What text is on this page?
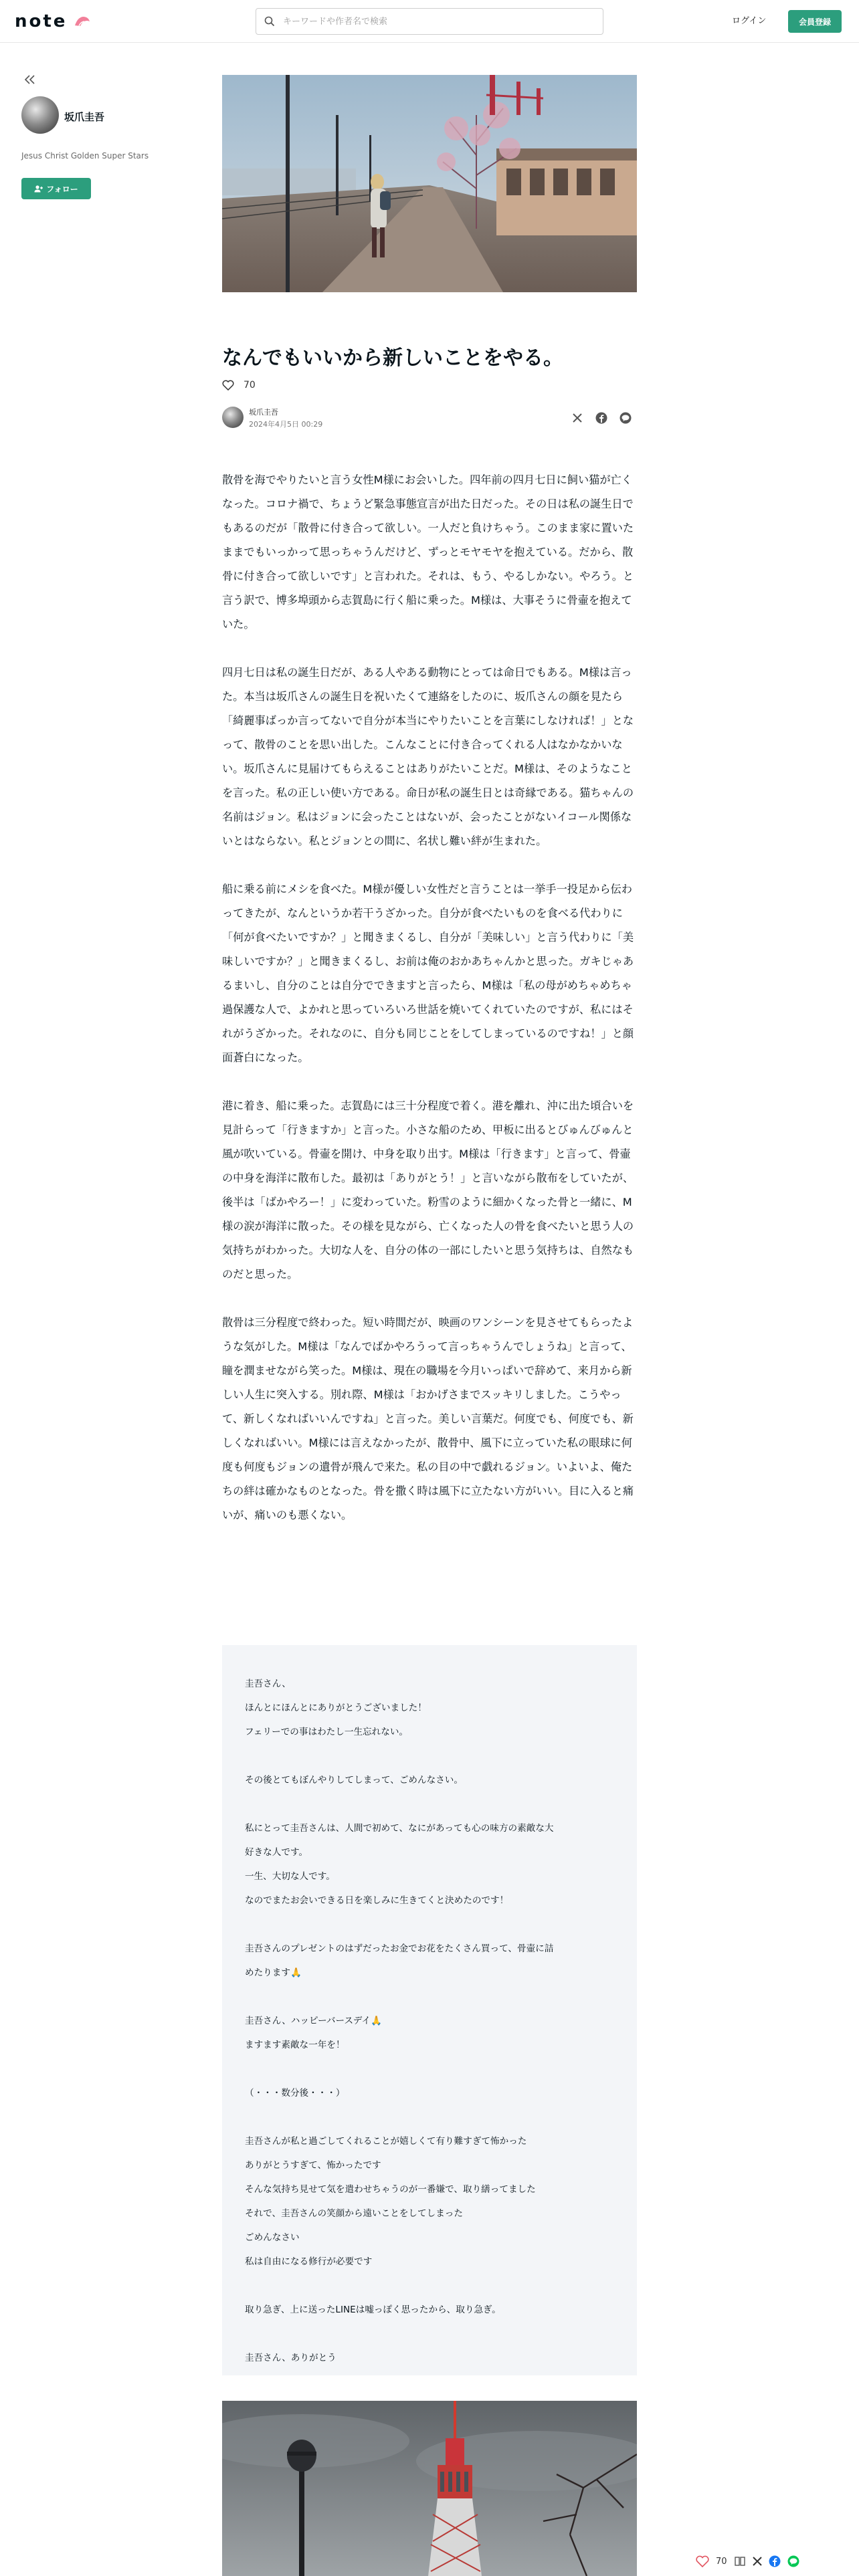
note
キーワードや作者名で検索	ログイン	会員登録
坂爪圭吾
Jesus Christ Golden Super Stars
フォロー
なんでもいいから新しいことをやる。
70
坂爪圭吾
2024年4月5日 00:29

散骨を海でやりたいと言う女性M様にお会いした。四年前の四月七日に飼い猫が亡くなった。コロナ禍で、ちょうど緊急事態宣言が出た日だった。その日は私の誕生日でもあるのだが「散骨に付き合って欲しい。一人だと負けちゃう。このまま家に置いたままでもいっかって思っちゃうんだけど、ずっとモヤモヤを抱えている。だから、散骨に付き合って欲しいです」と言われた。それは、もう、やるしかない。やろう。と言う訳で、博多埠頭から志賀島に行く船に乗った。M様は、大事そうに骨壷を抱えていた。

四月七日は私の誕生日だが、ある人やある動物にとっては命日でもある。M様は言った。本当は坂爪さんの誕生日を祝いたくて連絡をしたのに、坂爪さんの顔を見たら「綺麗事ばっか言ってないで自分が本当にやりたいことを言葉にしなければ！」となって、散骨のことを思い出した。こんなことに付き合ってくれる人はなかなかいない。坂爪さんに見届けてもらえることはありがたいことだ。M様は、そのようなことを言った。私の正しい使い方である。命日が私の誕生日とは奇縁である。猫ちゃんの名前はジョン。私はジョンに会ったことはないが、会ったことがないイコール関係ないとはならない。私とジョンとの間に、名状し難い絆が生まれた。

船に乗る前にメシを食べた。M様が優しい女性だと言うことは一挙手一投足から伝わってきたが、なんというか若干うざかった。自分が食べたいものを食べる代わりに「何が食べたいですか？」と聞きまくるし、自分が「美味しい」と言う代わりに「美味しいですか？」と聞きまくるし、お前は俺のおかあちゃんかと思った。ガキじゃあるまいし、自分のことは自分でできますと言ったら、M様は「私の母がめちゃめちゃ過保護な人で、よかれと思っていろいろ世話を焼いてくれていたのですが、私にはそれがうざかった。それなのに、自分も同じことをしてしまっているのですね！」と顔面蒼白になった。

港に着き、船に乗った。志賀島には三十分程度で着く。港を離れ、沖に出た頃合いを見計らって「行きますか」と言った。小さな船のため、甲板に出るとびゅんびゅんと風が吹いている。骨壷を開け、中身を取り出す。M様は「行きます」と言って、骨壷の中身を海洋に散布した。最初は「ありがとう！」と言いながら散布をしていたが、後半は「ばかやろー！」に変わっていた。粉雪のように細かくなった骨と一緒に、M様の涙が海洋に散った。その様を見ながら、亡くなった人の骨を食べたいと思う人の気持ちがわかった。大切な人を、自分の体の一部にしたいと思う気持ちは、自然なものだと思った。

散骨は三分程度で終わった。短い時間だが、映画のワンシーンを見させてもらったような気がした。M様は「なんでばかやろうって言っちゃうんでしょうね」と言って、瞳を潤ませながら笑った。M様は、現在の職場を今月いっぱいで辞めて、来月から新しい人生に突入する。別れ際、M様は「おかげさまでスッキリしました。こうやって、新しくなればいいんですね」と言った。美しい言葉だ。何度でも、何度でも、新しくなればいい。M様には言えなかったが、散骨中、風下に立っていた私の眼球に何度も何度もジョンの遺骨が飛んで来た。私の目の中で戯れるジョン。いよいよ、俺たちの絆は確かなものとなった。骨を撒く時は風下に立たない方がいい。目に入ると痛いが、痛いのも悪くない。

圭吾さん、
ほんとにほんとにありがとうございました！
フェリーでの事はわたし一生忘れない。
その後とてもぼんやりしてしまって、ごめんなさい。
私にとって圭吾さんは、人間で初めて、なにがあっても心の味方の素敵な大
好きな人です。
一生、大切な人です。
なのでまたお会いできる日を楽しみに生きてくと決めたのです！
圭吾さんのプレゼントのはずだったお金でお花をたくさん買って、骨壷に詰
めたります🙏
圭吾さん、ハッピーバースデイ🙏
ますます素敵な一年を！
（・・・数分後・・・）
圭吾さんが私と過ごしてくれることが嬉しくて有り難すぎて怖かった
ありがとうすぎて、怖かったです
そんな気持ち見せて気を遣わせちゃうのが一番嫌で、取り繕ってました
それで、圭吾さんの笑顔から遠いことをしてしまった
ごめんなさい
私は自由になる修行が必要です
取り急ぎ、上に送ったLINEは嘘っぽく思ったから、取り急ぎ。
圭吾さん、ありがとう
70
